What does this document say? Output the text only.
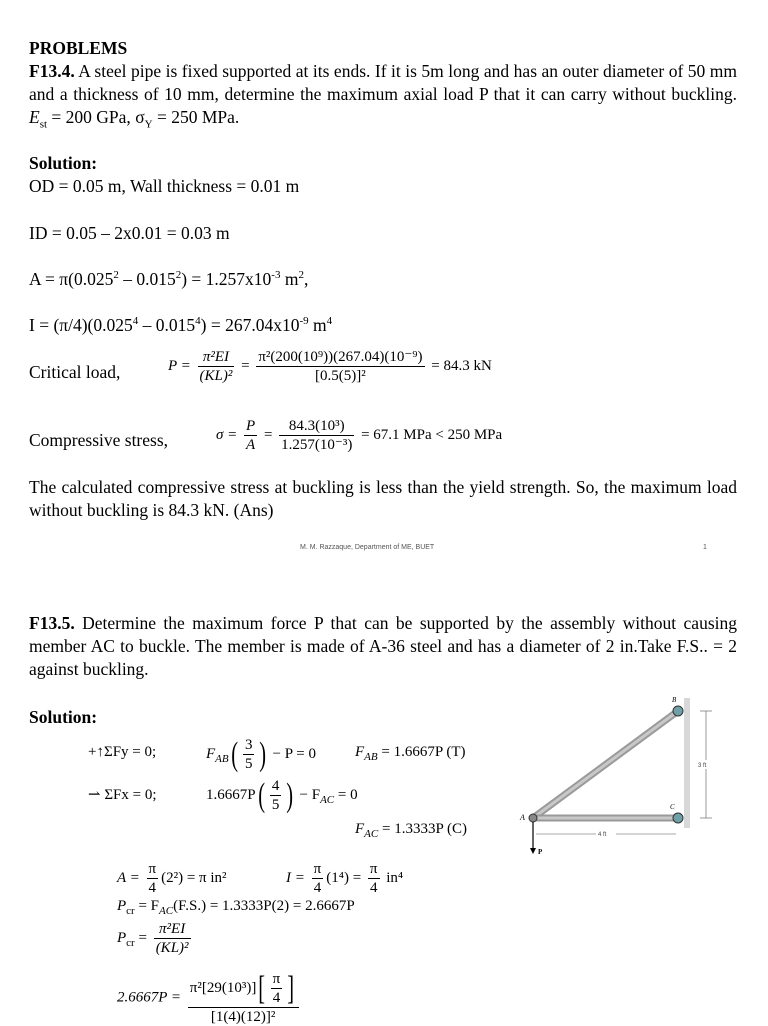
PROBLEMS
F13.4. A steel pipe is fixed supported at its ends. If it is 5m long and has an outer diameter of 50 mm and a thickness of 10 mm, determine the maximum axial load P that it can carry without buckling. $E_{st} = 200$ GPa, $\sigma_Y = 250$ MPa.
Solution:
OD = 0.05 m, Wall thickness = 0.01 m
ID = 0.05 – 2x0.01 = 0.03 m
$A = \pi(0.025^2 - 0.015^2) = 1.257x10^{-3}$ $m^2$,
$I = (\pi/4)(0.025^4 - 0.015^4) = 267.04x10^{-9}$ $m^4$
Critical load,	$P = \frac{\text{π²EI}}{\text{(KL)²}} = \frac{\text{π²(200(10⁹))(267.04)(10⁻⁹)}}{\text{[0.5(5)]²}} = 84.3$ kN
Compressive stress,	$\sigma = \frac{P}{A} = \frac{\text{84.3(10³)}}{\text{1.257(10⁻³)}} = 67.1$ MPa < 250 MPa
The calculated compressive stress at buckling is less than the yield strength. So, the maximum load without buckling is 84.3 kN. (Ans)
M. M. Razzaque, Department of ME, BUET	1
F13.5. Determine the maximum force P that can be supported by the assembly without causing member AC to buckle. The member is made of A-36 steel and has a diameter of 2 in.Take F.S.. = 2 against buckling.
Solution:
+↑ΣFy = 0;	$F_{AB}( \frac{3}{5}$ ) − P = 0	$F_{AB} = 1.6667P$ (T)
⇀ ΣFx = 0;	$1.6667P( \frac{4}{5}$ ) − $F_{AC} = 0$
$F_{AC} = 1.3333P$ (C)
$A = \frac{\pi}{4} (2^2) = \pi$ in²	$I = \frac{\pi}{4} (1^4) = \frac{\pi}{4} in^4$
$P_{cr} = F_{AC}(F.S.) = 1.3333P(2) = 2.6667P$
$P_{cr} = \frac{\text{π²EI}}{\text{(KL)²}}$
$2.6667P = \frac{\pi^2[29(10^3)][ \frac{\pi}{4} ]}{\text{[1(4)(12)]²}}$
A
B
C
P
4 ft
3 ft
